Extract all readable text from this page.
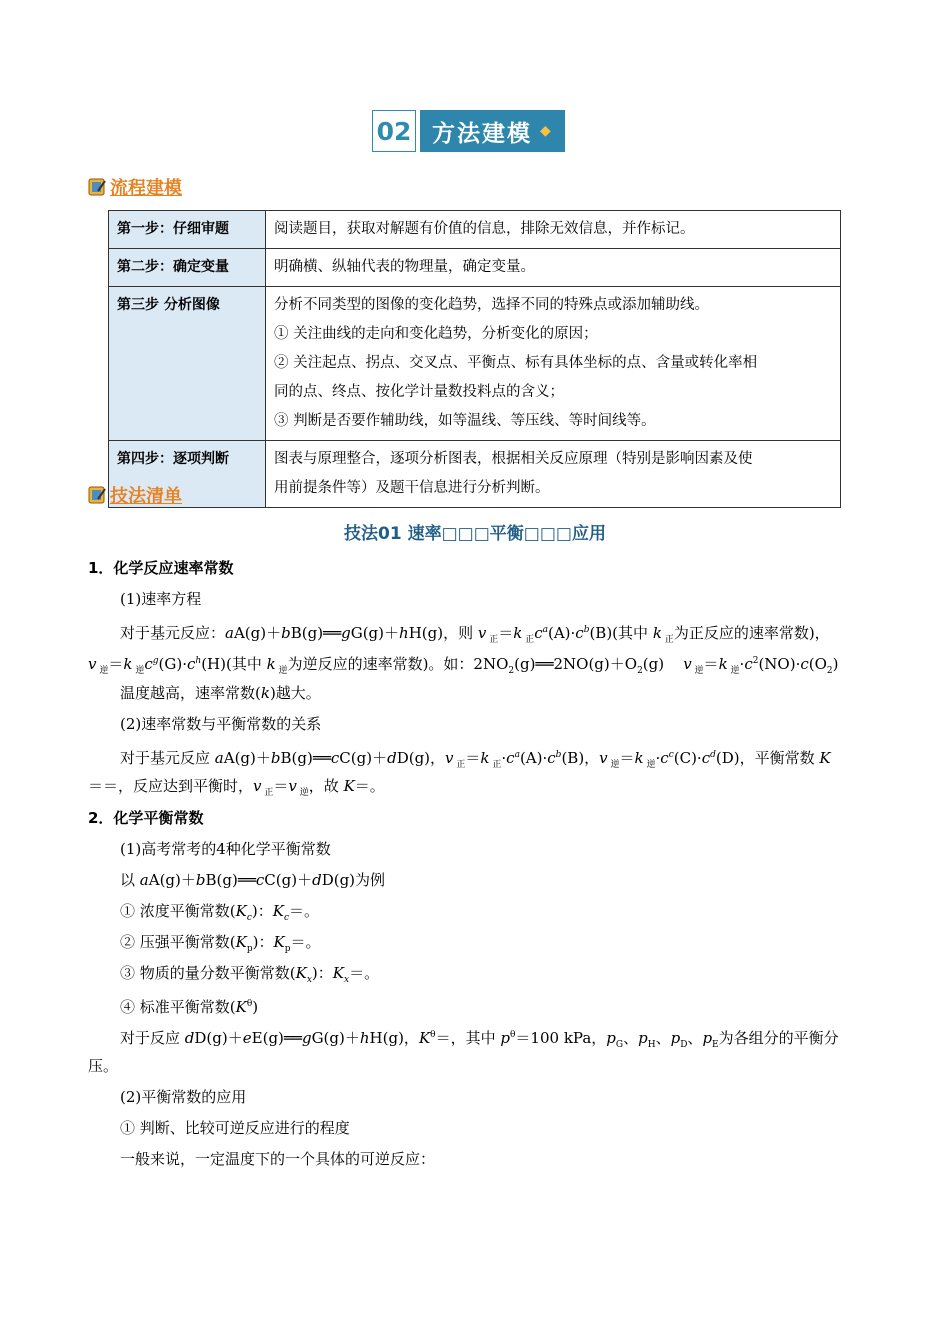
02 方法建模 ◆
流程建模
第一步：仔细审题	阅读题目，获取对解题有价值的信息，排除无效信息，并作标记。

第二步：确定变量	明确横、纵轴代表的物理量，确定变量。

第三步 分析图像	分析不同类型的图像的变化趋势，选择不同的特殊点或添加辅助线。

① 关注曲线的走向和变化趋势，分析变化的原因；

② 关注起点、拐点、交叉点、平衡点、标有具体坐标的点、含量或转化率相

同的点、终点、按化学计量数投料点的含义；

③ 判断是否要作辅助线，如等温线、等压线、等时间线等。

第四步：逐项判断	图表与原理整合，逐项分析图表，根据相关反应原理（特别是影响因素及使

用前提条件等）及题干信息进行分析判断。

技法清单
技法01 速率□□□平衡□□□应用
1．化学反应速率常数
(1)速率方程
对于基元反应：aA(g)＋bB(g)══gG(g)＋hH(g)，则 v $_正$＝k $_正c^a(A)\cdot c^b(B)$(其中 k $_正$为正反应的速率常数)，
v $_逆$＝k $_逆c^g(G)\cdot c^h(H)$(其中 k $_逆$为逆反应的速率常数)。如：$2NO_2(g)══2NO(g)+O_2(g)$    v $_逆$＝k $_逆\cdot c^2(NO)\cdot c(O_2)$
温度越高，速率常数(k)越大。
(2)速率常数与平衡常数的关系
对于基元反应 aA(g)＋bB(g)══cC(g)＋dD(g)，v $_正$＝k $_正\cdot c^a(A)\cdot c^b(B)$，v $_逆$＝k $_逆\cdot c^c(C)\cdot c^d(D)$，平衡常数 K
＝＝，反应达到平衡时，v $_正$＝v $_逆$，故 K＝。
2．化学平衡常数
(1)高考常考的4种化学平衡常数
以 aA(g)＋bB(g)══cC(g)＋dD(g)为例
① 浓度平衡常数$(K_c)$：$K_c=$。
② 压强平衡常数$(K_p)$：$K_p=$。
③ 物质的量分数平衡常数$(K_x)$：$K_x=$。
④ 标准平衡常数$(K^\theta)$
对于反应 dD(g)＋eE(g)══gG(g)＋hH(g)，$K^\theta=$，其中 $p^\theta=100$ kPa，$p_G$、$p_H$、$p_D$、$p_E$为各组分的平衡分
压。
(2)平衡常数的应用
① 判断、比较可逆反应进行的程度
一般来说，一定温度下的一个具体的可逆反应：
